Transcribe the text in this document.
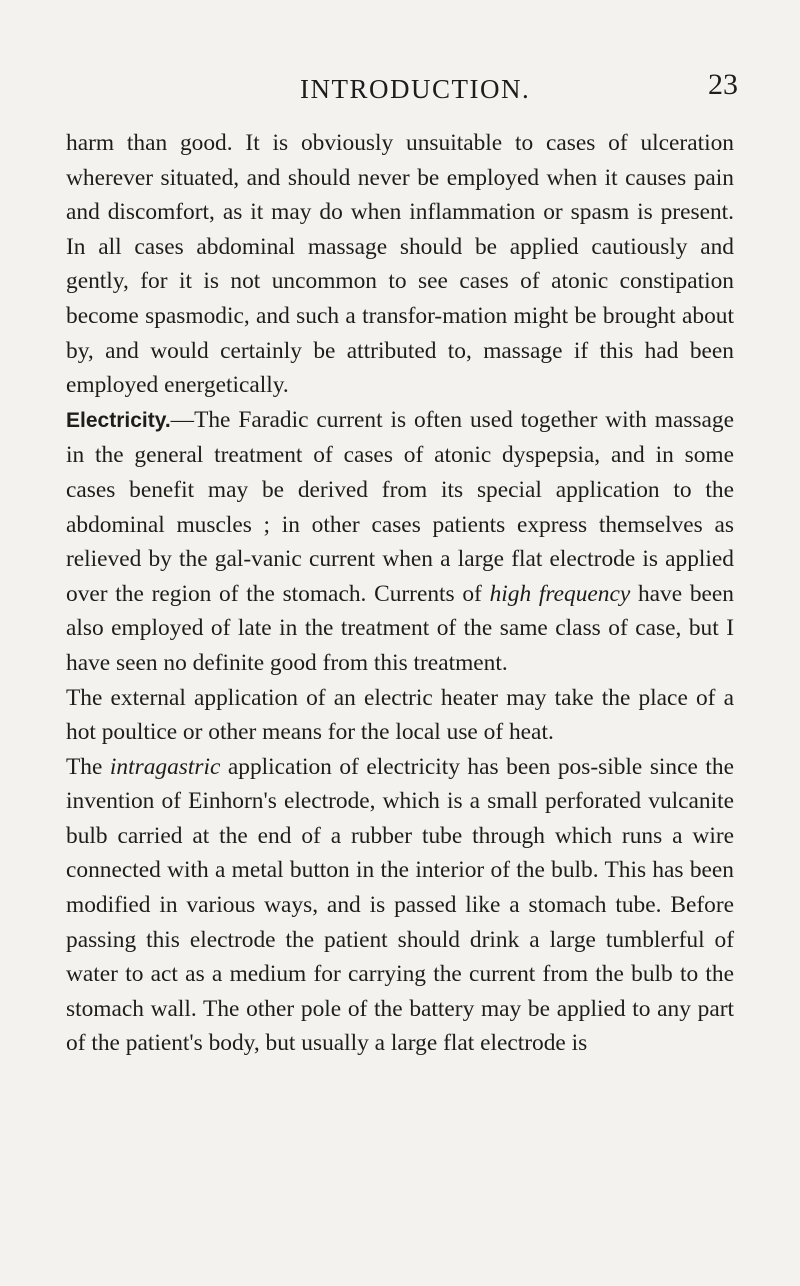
INTRODUCTION.	23

harm than good. It is obviously unsuitable to cases of ulceration wherever situated, and should never be employed when it causes pain and discomfort, as it may do when inflammation or spasm is present. In all cases abdominal massage should be applied cautiously and gently, for it is not uncommon to see cases of atonic constipation become spasmodic, and such a transfor-mation might be brought about by, and would certainly be attributed to, massage if this had been employed energetically.

Electricity.—The Faradic current is often used together with massage in the general treatment of cases of atonic dyspepsia, and in some cases benefit may be derived from its special application to the abdominal muscles ; in other cases patients express themselves as relieved by the gal-vanic current when a large flat electrode is applied over the region of the stomach. Currents of high frequency have been also employed of late in the treatment of the same class of case, but I have seen no definite good from this treatment.

The external application of an electric heater may take the place of a hot poultice or other means for the local use of heat.

The intragastric application of electricity has been pos-sible since the invention of Einhorn's electrode, which is a small perforated vulcanite bulb carried at the end of a rubber tube through which runs a wire connected with a metal button in the interior of the bulb. This has been modified in various ways, and is passed like a stomach tube. Before passing this electrode the patient should drink a large tumblerful of water to act as a medium for carrying the current from the bulb to the stomach wall. The other pole of the battery may be applied to any part of the patient's body, but usually a large flat electrode is
